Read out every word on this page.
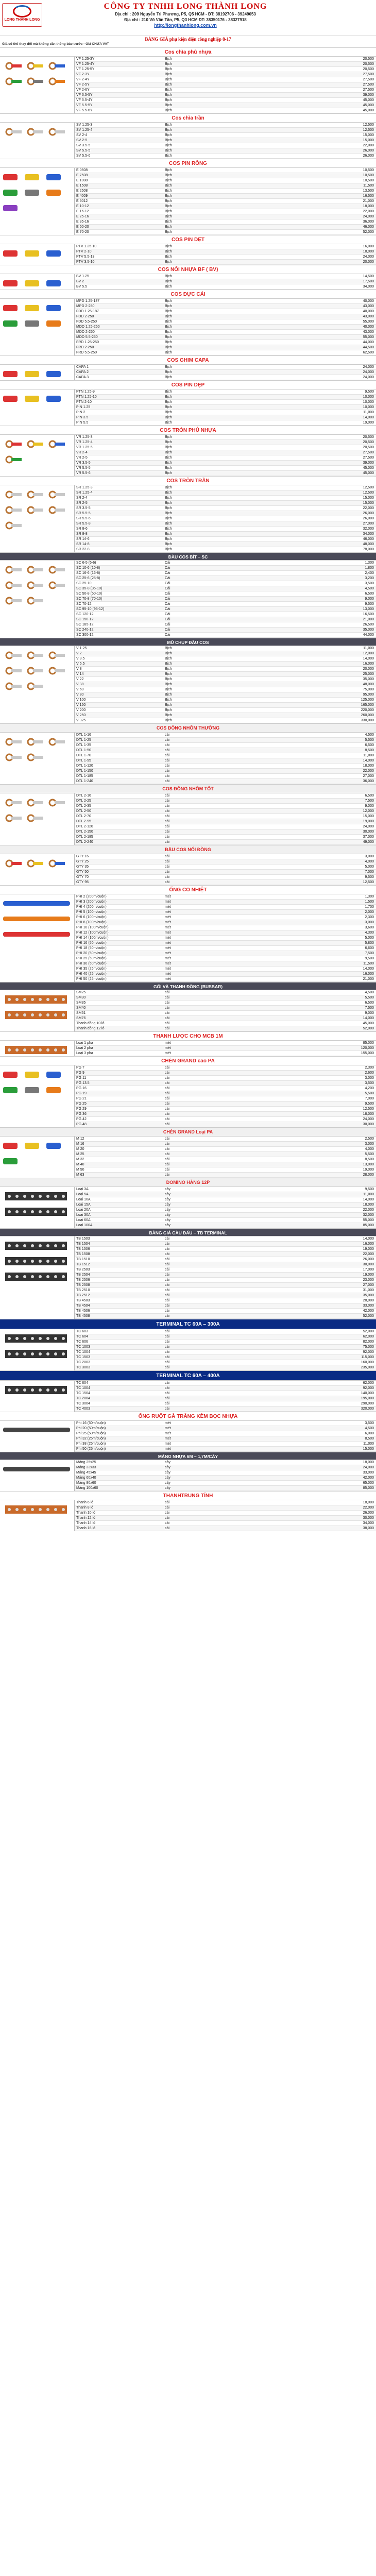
LONG THÀNH LONG
CÔNG TY TNHH LONG THÀNH LONG
Địa chỉ : 209 Nguyễn Tri Phương, P5, Q5 HCM - ĐT: 38192706 - 39249053
Địa chỉ : 210 Võ Văn Tần, P5, Q3 HCM ĐT: 38350176 - 38327918
http://longthanhlong.com.vn
BẢNG GIÁ phụ kiện điện công nghiệp 8-17
Giá có thể thay đổi mà không cần thông báo trước - Giá CHƯA VAT
Cos chìa phủ nhựa
VF 1.25-3Y	Bịch	20,500
VF 1.25-4Y	Bịch	20,500
VF 1.25-5Y	Bịch	20,500
VF 2-3Y	Bịch	27,500
VF 2-4Y	Bịch	27,500
VF 2-5Y	Bịch	27,500
VF 2-6Y	Bịch	27,500
VF 3.5-5Y	Bịch	39,000
VF 5.5-4Y	Bịch	45,000
VF 5.5-5Y	Bịch	45,000
VF 5.5-6Y	Bịch	45,000
Cos chìa trần
SV 1.25-3	Bịch	12,500
SV 1.25-4	Bịch	12,500
SV 2-4	Bịch	15,000
SV 2-5	Bịch	15,000
SV 3.5-5	Bịch	22,000
SV 5.5-5	Bịch	26,000
SV 5.5-6	Bịch	26,000
COS PIN RỖNG
E 0508	Bịch	10,500
E 7508	Bịch	10,500
E 1008	Bịch	10,500
E 1508	Bịch	11,500
E 2508	Bịch	13,500
E 4009	Bịch	16,500
E 6012	Bịch	21,000
E 10-12	Bịch	18,000
E 16-12	Bịch	22,000
E 25-16	Bịch	24,000
E 35-16	Bịch	36,000
E 50-20	Bịch	46,000
E 70-20	Bịch	52,000
COS PIN DẸT
PTV 1.25-10	Bịch	16,000
PTV 2-10	Bịch	18,000
PTV 5.5-13	Bịch	24,000
PTV 3.5-10	Bịch	20,000
COS NỐI NHỰA BF ( BV)
BV 1.25	Bịch	14,500
BV 2	Bịch	17,500
BV 5.5	Bịch	34,000
COS ĐỰC CÁI
MPD 1.25-187	Bịch	40,000
MPD 2-250	Bịch	43,000
FDD 1.25-187	Bịch	40,000
FDD 2-250	Bịch	43,000
FDD 5.5-250	Bịch	55,000
MDD 1.25-250	Bịch	40,000
MDD 2-250	Bịch	43,000
MDD 5.5-250	Bịch	55,000
FRD 1.25-250	Bịch	44,000
FRD 2-250	Bịch	44,500
FRD 5.5-250	Bịch	62,500
COS GHIM CAPA
CAPA 1	Bịch	24,000
CAPA 2	Bịch	24,000
CAPA 3	Bịch	24,000
COS PIN DẸP
PTN 1.25-9	Bịch	9,500
PTN 1.25-10	Bịch	10,000
PTN 2-10	Bịch	10,000
PIN 1.25	Bịch	10,000
PIN 2	Bịch	11,000
PIN 3.5	Bịch	14,000
PIN 5.5	Bịch	19,000
COS TRÒN PHỦ NHỰA
VR 1.25-3	Bịch	20,500
VR 1.25-4	Bịch	20,500
VR 1.25-5	Bịch	20,500
VR 2-4	Bịch	27,500
VR 2-5	Bịch	27,500
VR 3.5-5	Bịch	39,000
VR 5.5-5	Bịch	45,000
VR 5.5-6	Bịch	45,000
COS TRÒN TRẦN
SR 1.25-3	Bịch	12,500
SR 1.25-4	Bịch	12,500
SR 2-4	Bịch	15,000
SR 2-5	Bịch	15,000
SR 3.5-5	Bịch	22,000
SR 5.5-5	Bịch	26,000
SR 5.5-6	Bịch	26,000
SR 5.5-8	Bịch	27,000
SR 8-6	Bịch	32,000
SR 8-8	Bịch	34,000
SR 14-6	Bịch	46,000
SR 14-8	Bịch	48,000
SR 22-8	Bịch	78,000
ĐẦU COS BÍT – SC
SC 6-5 (6-6)	Cái	1,300
SC 10-6 (10-8)	Cái	1,800
SC 16-6 (16-8)	Cái	2,400
SC 25-6 (25-8)	Cái	3,200
SC 25-10	Cái	3,500
SC 35-8 (35-10)	Cái	4,500
SC 50-8 (50-10)	Cái	6,500
SC 70-8 (70-10)	Cái	9,000
SC 70-12	Cái	9,500
SC 95-10 (95-12)	Cái	13,000
SC 120-12	Cái	16,500
SC 150-12	Cái	21,000
SC 185-12	Cái	26,500
SC 240-12	Cái	35,000
SC 300-12	Cái	44,000
MŨ CHỤP ĐẦU COS
V 1.25	Bịch	11,000
V 2	Bịch	12,000
V 3.5	Bịch	14,000
V 5.5	Bịch	16,000
V 8	Bịch	20,000
V 14	Bịch	25,000
V 22	Bịch	35,000
V 38	Bịch	48,000
V 60	Bịch	75,000
V 80	Bịch	95,000
V 100	Bịch	125,000
V 150	Bịch	165,000
V 200	Bịch	220,000
V 250	Bịch	260,000
V 325	Bịch	330,000
COS ĐỒNG NHÔM THƯỜNG
DTL 1-16	cái	4,500
DTL 1-25	cái	5,500
DTL 1-35	cái	6,500
DTL 1-50	cái	8,500
DTL 1-70	cái	11,000
DTL 1-95	cái	14,000
DTL 1-120	cái	18,000
DTL 1-150	cái	22,000
DTL 1-185	cái	27,000
DTL 1-240	cái	36,000
COS ĐỒNG NHÔM TỐT
DTL 2-16	cái	6,500
DTL 2-25	cái	7,500
DTL 2-35	cái	9,000
DTL 2-50	cái	12,000
DTL 2-70	cái	15,000
DTL 2-95	cái	19,000
DTL 2-120	cái	24,000
DTL 2-150	cái	30,000
DTL 2-185	cái	37,000
DTL 2-240	cái	49,000
ĐẦU COS NỐI ĐỒNG
GTY 16	cái	3,000
GTY 25	cái	4,000
GTY 35	cái	5,000
GTY 50	cái	7,000
GTY 70	cái	9,500
GTY 95	cái	12,500
ỐNG CO NHIỆT
PHI 2 (200m/cuộn)	mét	1,300
PHI 3 (200m/cuộn)	mét	1,500
PHI 4 (200m/cuộn)	mét	1,700
PHI 5 (100m/cuộn)	mét	2,000
PHI 6 (100m/cuộn)	mét	2,300
PHI 8 (100m/cuộn)	mét	3,000
PHI 10 (100m/cuộn)	mét	3,600
PHI 12 (100m/cuộn)	mét	4,300
PHI 14 (100m/cuộn)	mét	5,000
PHI 16 (50m/cuộn)	mét	5,800
PHI 18 (50m/cuộn)	mét	6,600
PHI 20 (50m/cuộn)	mét	7,500
PHI 25 (50m/cuộn)	mét	9,500
PHI 30 (50m/cuộn)	mét	11,500
PHI 35 (25m/cuộn)	mét	14,000
PHI 40 (25m/cuộn)	mét	16,000
PHI 50 (25m/cuộn)	mét	21,000
GỐI VÀ THANH ĐỒNG (BUSBAR)
SM25	cái	4,500
SM30	cái	5,500
SM35	cái	6,500
SM40	cái	7,500
SM51	cái	9,000
SM76	cái	14,000
Thanh đồng 10 lỗ	cái	45,000
Thanh đồng 12 lỗ	cái	52,000
THANH LƯỢC CHO MCB 1M
Loại 1 pha	mét	85,000
Loại 2 pha	mét	120,000
Loại 3 pha	mét	155,000
CHÈN GRAND cao PA
PG 7	cái	2,300
PG 9	cái	2,600
PG 11	cái	3,000
PG 13.5	cái	3,500
PG 16	cái	4,200
PG 19	cái	5,500
PG 21	cái	7,000
PG 25	cái	9,500
PG 29	cái	12,500
PG 36	cái	18,000
PG 42	cái	24,000
PG 48	cái	30,000
CHÈN GRAND Loại PA
M 12	cái	2,500
M 16	cái	3,000
M 20	cái	4,000
M 25	cái	5,500
M 32	cái	8,500
M 40	cái	13,000
M 50	cái	19,000
M 63	cái	28,000
DOMINO HÀNG 12P
Loại 3A	cây	9,500
Loại 5A	cây	11,000
Loại 10A	cây	14,000
Loại 15A	cây	18,000
Loại 20A	cây	22,000
Loại 30A	cây	32,000
Loại 60A	cây	55,000
Loại 100A	cây	85,000
BẢNG GIÁ CẦU ĐẤU – TB TERMINAL
TB 1503	cái	14,000
TB 1504	cái	16,000
TB 1506	cái	19,000
TB 1508	cái	22,000
TB 1510	cái	26,000
TB 1512	cái	30,000
TB 2503	cái	17,000
TB 2504	cái	19,000
TB 2506	cái	23,000
TB 2508	cái	27,000
TB 2510	cái	31,000
TB 2512	cái	35,000
TB 4503	cái	28,000
TB 4504	cái	33,000
TB 4506	cái	42,000
TB 4508	cái	52,000
TERMINAL TC 60A – 300A
TC 603	cái	52,000
TC 604	cái	62,000
TC 606	cái	82,000
TC 1003	cái	75,000
TC 1004	cái	92,000
TC 1503	cái	115,000
TC 2003	cái	160,000
TC 3003	cái	235,000
TERMINAL TC 60A – 400A
TC 604	cái	62,000
TC 1004	cái	92,000
TC 1504	cái	140,000
TC 2004	cái	195,000
TC 3004	cái	290,000
TC 4003	cái	320,000
ỐNG RUỘT GÀ TRẮNG KÈM BỌC NHỰA
Phi 16 (50m/cuộn)	mét	3,500
Phi 20 (50m/cuộn)	mét	4,500
Phi 25 (50m/cuộn)	mét	6,000
Phi 32 (25m/cuộn)	mét	8,500
Phi 38 (25m/cuộn)	mét	11,000
Phi 50 (25m/cuộn)	mét	15,000
MÁNG NHỰA 6M – 1,7M/CÂY
Máng 25x25	cây	18,000
Máng 33x33	cây	24,000
Máng 45x45	cây	33,000
Máng 60x40	cây	42,000
Máng 80x60	cây	65,000
Máng 100x60	cây	85,000
THANHTRUNG TÍNH
Thanh 6 lỗ	cái	18,000
Thanh 8 lỗ	cái	22,000
Thanh 10 lỗ	cái	26,000
Thanh 12 lỗ	cái	30,000
Thanh 14 lỗ	cái	34,000
Thanh 16 lỗ	cái	38,000
